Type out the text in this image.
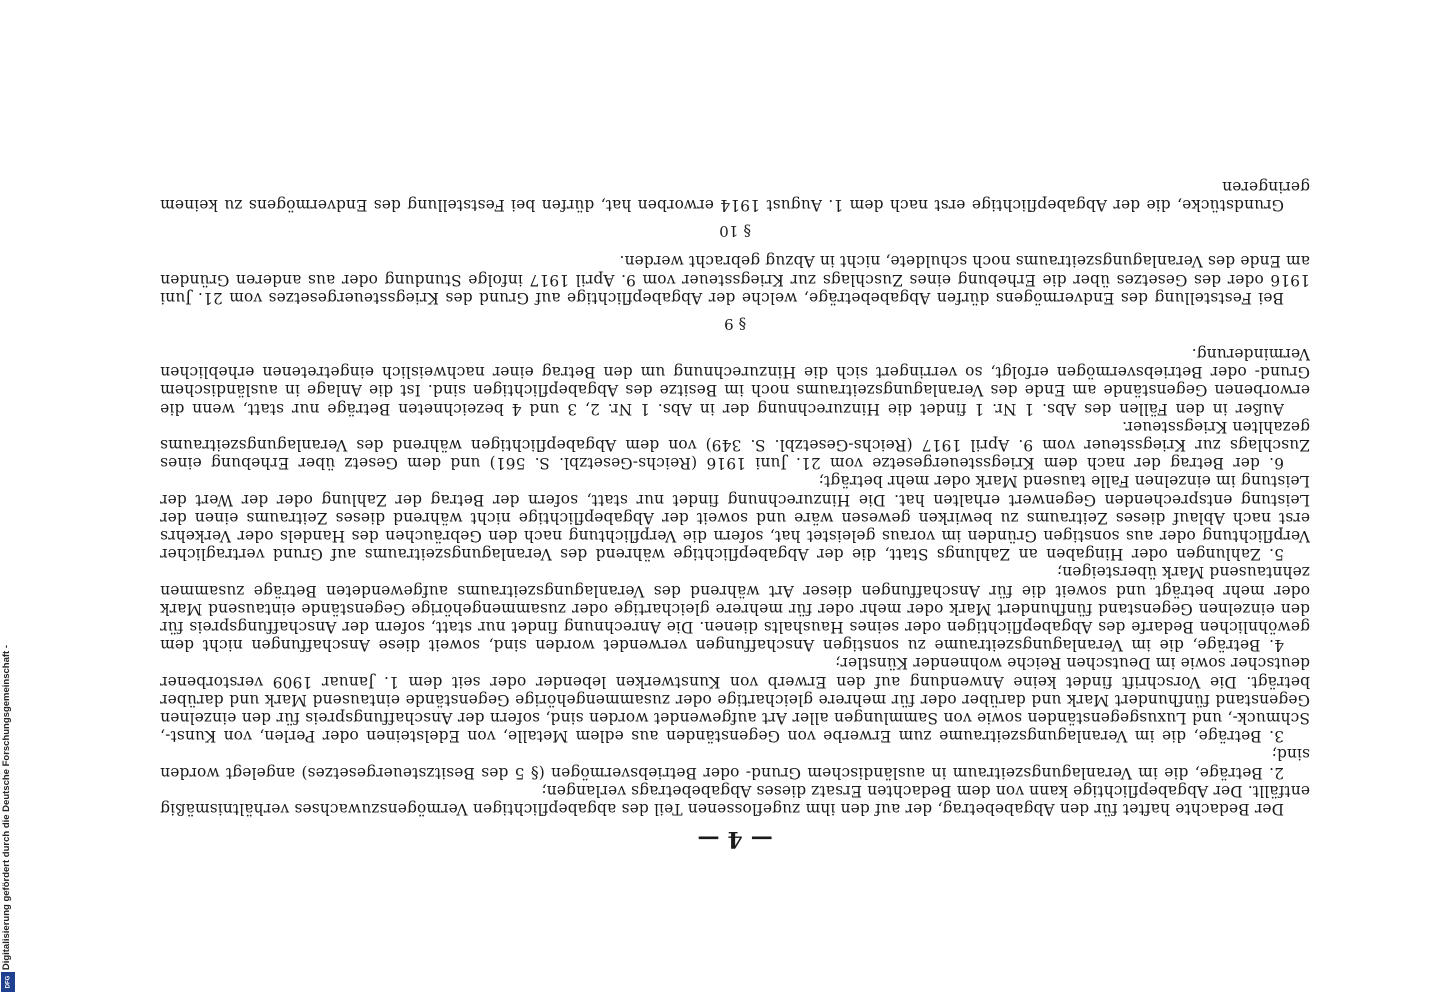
— 4 —

Der Bedachte haftet für den Abgabebetrag, der auf den ihm zugeflossenen Teil des abgabepflichtigen Vermögenszuwachses verhältnismäßig entfällt. Der Abgabepflichtige kann von dem Bedachten Ersatz dieses Abgabebetrags verlangen;

2. Beträge, die im Veranlagungszeitraum in ausländischem Grund- oder Betriebsvermögen (§ 5 des Besitzsteuergesetzes) angelegt worden sind;

3. Beträge, die im Veranlagungszeitraume zum Erwerbe von Gegenständen aus edlem Metalle, von Edelsteinen oder Perlen, von Kunst-, Schmuck-, und Luxusgegenständen sowie von Sammlungen aller Art aufgewendet worden sind, sofern der Anschaffungspreis für den einzelnen Gegenstand fünfhundert Mark und darüber oder für mehrere gleichartige oder zusammengehörige Gegenstände eintausend Mark und darüber beträgt. Die Vorschrift findet keine Anwendung auf den Erwerb von Kunstwerken lebender oder seit dem 1. Januar 1909 verstorbener deutscher sowie im Deutschen Reiche wohnender Künstler;

4. Beträge, die im Veranlagungszeitraume zu sonstigen Anschaffungen verwendet worden sind, soweit diese Anschaffungen nicht dem gewöhnlichen Bedarfe des Abgabepflichtigen oder seines Haushalts dienen. Die Anrechnung findet nur statt, sofern der Anschaffungspreis für den einzelnen Gegenstand fünfhundert Mark oder mehr oder für mehrere gleichartige oder zusammengehörige Gegenstände eintausend Mark oder mehr beträgt und soweit die für Anschaffungen dieser Art während des Veranlagungszeitraums aufgewendeten Beträge zusammen zehntausend Mark übersteigen;

5. Zahlungen oder Hingaben an Zahlungs Statt, die der Abgabepflichtige während des Veranlagungszeitraums auf Grund vertraglicher Verpflichtung oder aus sonstigen Gründen im voraus geleistet hat, sofern die Verpflichtung nach den Gebräuchen des Handels oder Verkehrs erst nach Ablauf dieses Zeitraums zu bewirken gewesen wäre und soweit der Abgabepflichtige nicht während dieses Zeitraums einen der Leistung entsprechenden Gegenwert erhalten hat. Die Hinzurechnung findet nur statt, sofern der Betrag der Zahlung oder der Wert der Leistung im einzelnen Falle tausend Mark oder mehr beträgt;

6. der Betrag der nach dem Kriegssteuergesetze vom 21. Juni 1916 (Reichs-Gesetzbl. S. 561) und dem Gesetz über Erhebung eines Zuschlags zur Kriegssteuer vom 9. April 1917 (Reichs-Gesetzbl. S. 349) von dem Abgabepflichtigen während des Veranlagungszeitraums gezahlten Kriegssteuer.

Außer in den Fällen des Abs. 1 Nr. 1 findet die Hinzurechnung der in Abs. 1 Nr. 2, 3 und 4 bezeichneten Beträge nur statt, wenn die erworbenen Gegenstände am Ende des Veranlagungszeitraums noch im Besitze des Abgabepflichtigen sind. Ist die Anlage in ausländischem Grund- oder Betriebsvermögen erfolgt, so verringert sich die Hinzurechnung um den Betrag einer nachweislich eingetretenen erheblichen Verminderung.

§ 9

Bei Feststellung des Endvermögens dürfen Abgabebeträge, welche der Abgabepflichtige auf Grund des Kriegssteuergesetzes vom 21. Juni 1916 oder des Gesetzes über die Erhebung eines Zuschlags zur Kriegssteuer vom 9. April 1917 infolge Stundung oder aus anderen Gründen am Ende des Veranlagungszeitraums noch schuldete, nicht in Abzug gebracht werden.

§ 10

Grundstücke, die der Abgabepflichtige erst nach dem 1. August 1914 erworben hat, dürfen bei Feststellung des Endvermögens zu keinem geringeren

Digitalisierung gefördert durch die Deutsche Forschungsgemeinschaft -
DFG
